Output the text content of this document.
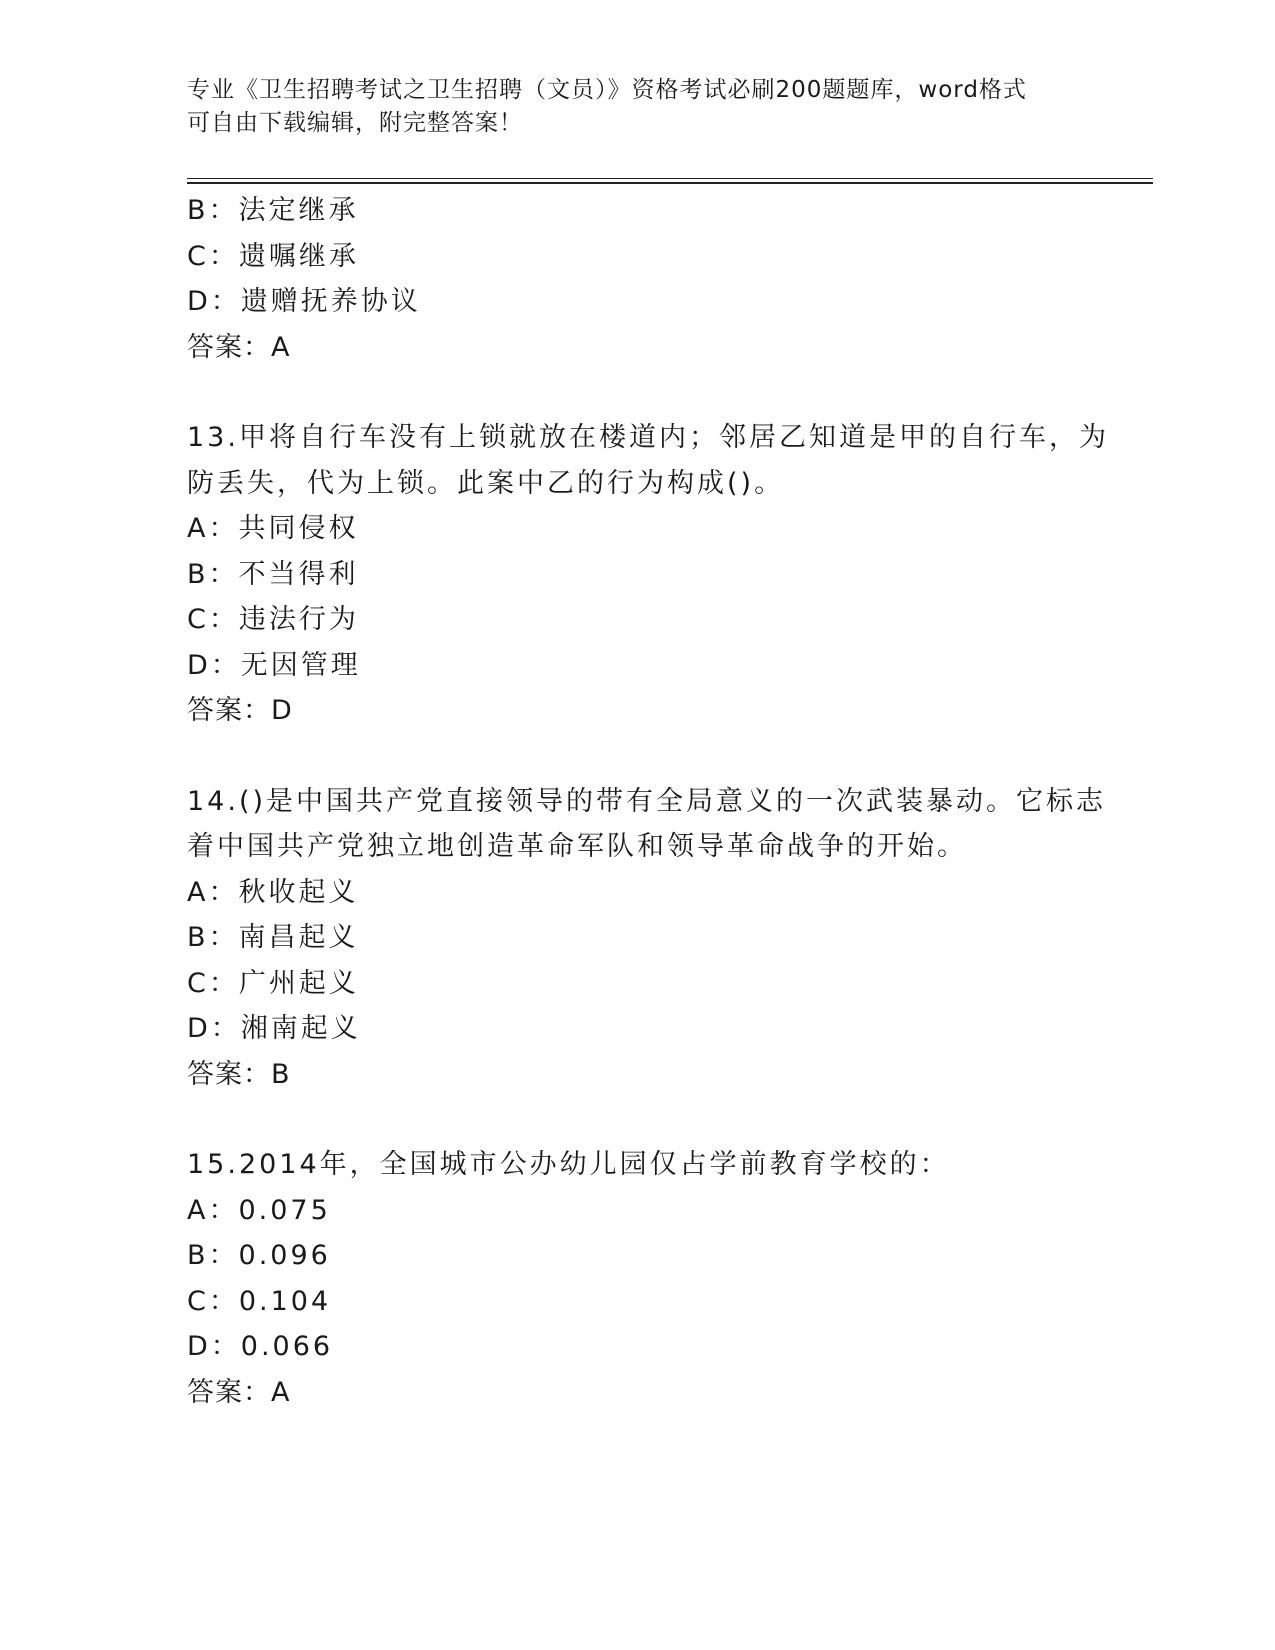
专业《卫生招聘考试之卫生招聘（文员）》资格考试必刷200题题库，word格式
可自由下载编辑，附完整答案！
B：法定继承
C：遗嘱继承
D：遗赠抚养协议
答案：A
13.甲将自行车没有上锁就放在楼道内；邻居乙知道是甲的自行车，为
防丢失，代为上锁。此案中乙的行为构成()。
A：共同侵权
B：不当得利
C：违法行为
D：无因管理
答案：D
14.()是中国共产党直接领导的带有全局意义的一次武装暴动。它标志
着中国共产党独立地创造革命军队和领导革命战争的开始。
A：秋收起义
B：南昌起义
C：广州起义
D：湘南起义
答案：B
15.2014年，全国城市公办幼儿园仅占学前教育学校的：
A：0.075
B：0.096
C：0.104
D：0.066
答案：A
